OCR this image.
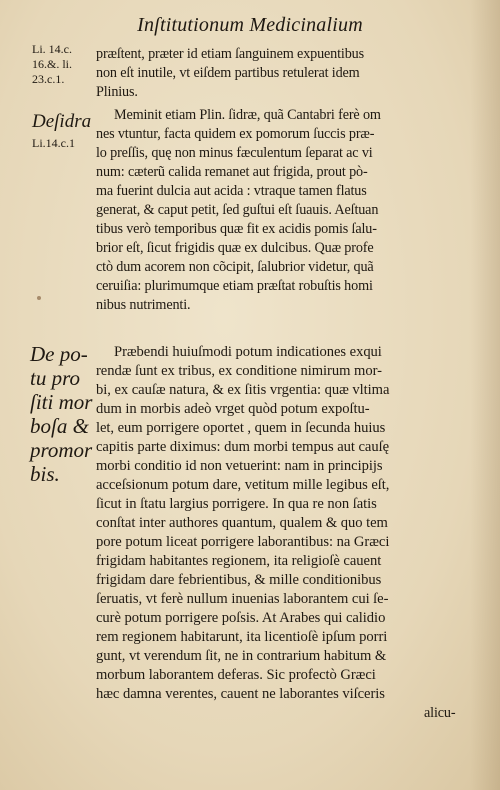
Inſtitutionum Medicinalium
Li. 14.c.
16.&. li.
23.c.1.
Deſidra
Li.14.c.1
De po-
tu pro
ſiti mor
boſa &
promor
bis.
præſtent, præter id etiam ſanguinem expuentibus
non eſt inutile, vt eiſdem partibus retulerat idem
Plinius.
Meminit etiam Plin. ſidræ, quã Cantabri ferè om
nes vtuntur, facta quidem ex pomorum ſuccis præ-
lo preſſis, quę non minus fæculentum ſeparat ac vi
num: cæterũ calida remanet aut frigida, prout pò-
ma fuerint dulcia aut acida : vtraque tamen flatus
generat, & caput petit, ſed guſtui eſt ſuauis. Aeſtuan
tibus verò temporibus quæ fit ex acidis pomis ſalu-
brior eſt, ſicut frigidis quæ ex dulcibus. Quæ profe
ctò dum acorem non cõcipit, ſalubrior videtur, quã
ceruiſia: plurimumque etiam præſtat robuſtis homi
nibus nutrimenti.
Præbendi huiuſmodi potum indicationes exqui
rendæ ſunt ex tribus, ex conditione nimirum mor-
bi, ex cauſæ natura, & ex ſitis vrgentia: quæ vltima
dum in morbis adeò vrget quòd potum expoſtu-
let, eum porrigere oportet , quem in ſecunda huius
capitis parte diximus: dum morbi tempus aut cauſę
morbi conditio id non vetuerint: nam in principijs
acceſsionum potum dare, vetitum mille legibus eſt,
ſicut in ſtatu largius porrigere. In qua re non ſatis
conſtat inter authores quantum, qualem & quo tem
pore potum liceat porrigere laborantibus: na Græci
frigidam habitantes regionem, ita religioſè cauent
frigidam dare febrientibus, & mille conditionibus
ſeruatis, vt ferè nullum inuenias laborantem cui ſe-
curè potum porrigere poſsis. At Arabes qui calidio
rem regionem habitarunt, ita licentioſè ipſum porri
gunt, vt verendum ſit, ne in contrarium habitum &
morbum laborantem deferas. Sic profectò Græci
hæc damna verentes, cauent ne laborantes viſceris
alicu-
